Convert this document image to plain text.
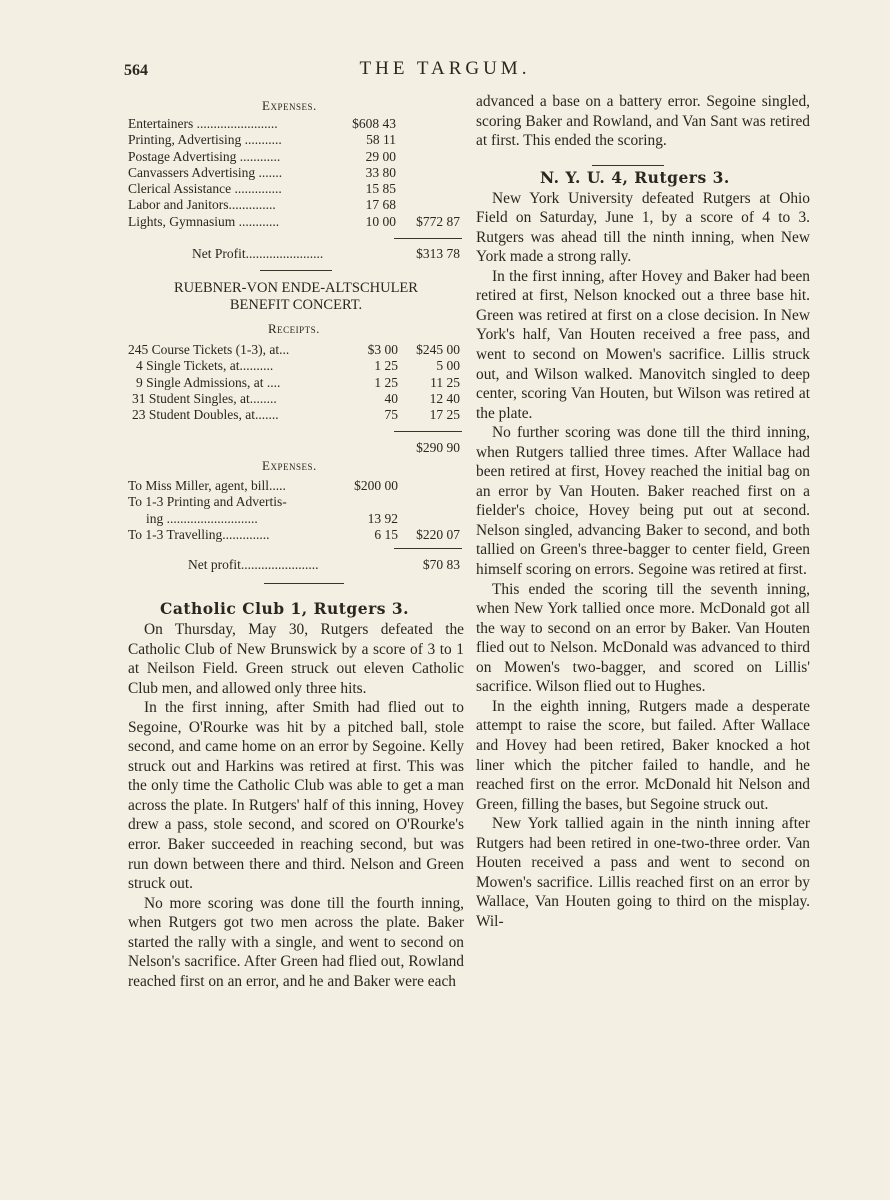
564	THE TARGUM.
Expenses.
Entertainers ........................	$608 43
Printing, Advertising ...........	58 11
Postage Advertising ............	29 00
Canvassers Advertising .......	33 80
Clerical Assistance ..............	15 85
Labor and Janitors..............	17 68
Lights, Gymnasium ............	10 00	$772 87
Net Profit.......................	$313 78
RUEBNER-VON ENDE-ALTSCHULER
BENEFIT CONCERT.
Receipts.
245 Course Tickets (1-3), at...	$3 00	$245 00
4 Single Tickets, at..........	1 25	5 00
9 Single Admissions, at ....	1 25	11 25
31 Student Singles, at........	40	12 40
23 Student Doubles, at.......	75	17 25
$290 90
Expenses.
To Miss Miller, agent, bill.....	$200 00
To 1-3 Printing and Advertis-
ing ...........................	13 92
To 1-3 Travelling..............	6 15	$220 07
Net profit.......................	$70 83
Catholic Club 1, Rutgers 3.

On Thursday, May 30, Rutgers defeated the Catholic Club of New Brunswick by a score of 3 to 1 at Neilson Field. Green struck out eleven Catholic Club men, and allowed only three hits.

In the first inning, after Smith had flied out to Segoine, O'Rourke was hit by a pitched ball, stole second, and came home on an error by Segoine. Kelly struck out and Harkins was retired at first. This was the only time the Catholic Club was able to get a man across the plate. In Rutgers' half of this inning, Hovey drew a pass, stole second, and scored on O'Rourke's error. Baker succeeded in reaching second, but was run down between there and third. Nelson and Green struck out.

No more scoring was done till the fourth inning, when Rutgers got two men across the plate. Baker started the rally with a single, and went to second on Nelson's sacrifice. After Green had flied out, Rowland reached first on an error, and he and Baker were each

advanced a base on a battery error. Segoine singled, scoring Baker and Rowland, and Van Sant was retired at first. This ended the scoring.

N. Y. U. 4, Rutgers 3.

New York University defeated Rutgers at Ohio Field on Saturday, June 1, by a score of 4 to 3. Rutgers was ahead till the ninth inning, when New York made a strong rally.

In the first inning, after Hovey and Baker had been retired at first, Nelson knocked out a three base hit. Green was retired at first on a close decision. In New York's half, Van Houten received a free pass, and went to second on Mowen's sacrifice. Lillis struck out, and Wilson walked. Manovitch singled to deep center, scoring Van Houten, but Wilson was retired at the plate.

No further scoring was done till the third inning, when Rutgers tallied three times. After Wallace had been retired at first, Hovey reached the initial bag on an error by Van Houten. Baker reached first on a fielder's choice, Hovey being put out at second. Nelson singled, advancing Baker to second, and both tallied on Green's three-bagger to center field, Green himself scoring on errors. Segoine was retired at first.

This ended the scoring till the seventh inning, when New York tallied once more. McDonald got all the way to second on an error by Baker. Van Houten flied out to Nelson. McDonald was advanced to third on Mowen's two-bagger, and scored on Lillis' sacrifice. Wilson flied out to Hughes.

In the eighth inning, Rutgers made a desperate attempt to raise the score, but failed. After Wallace and Hovey had been retired, Baker knocked a hot liner which the pitcher failed to handle, and he reached first on the error. McDonald hit Nelson and Green, filling the bases, but Segoine struck out.

New York tallied again in the ninth inning after Rutgers had been retired in one-two-three order. Van Houten received a pass and went to second on Mowen's sacrifice. Lillis reached first on an error by Wallace, Van Houten going to third on the misplay. Wil-
